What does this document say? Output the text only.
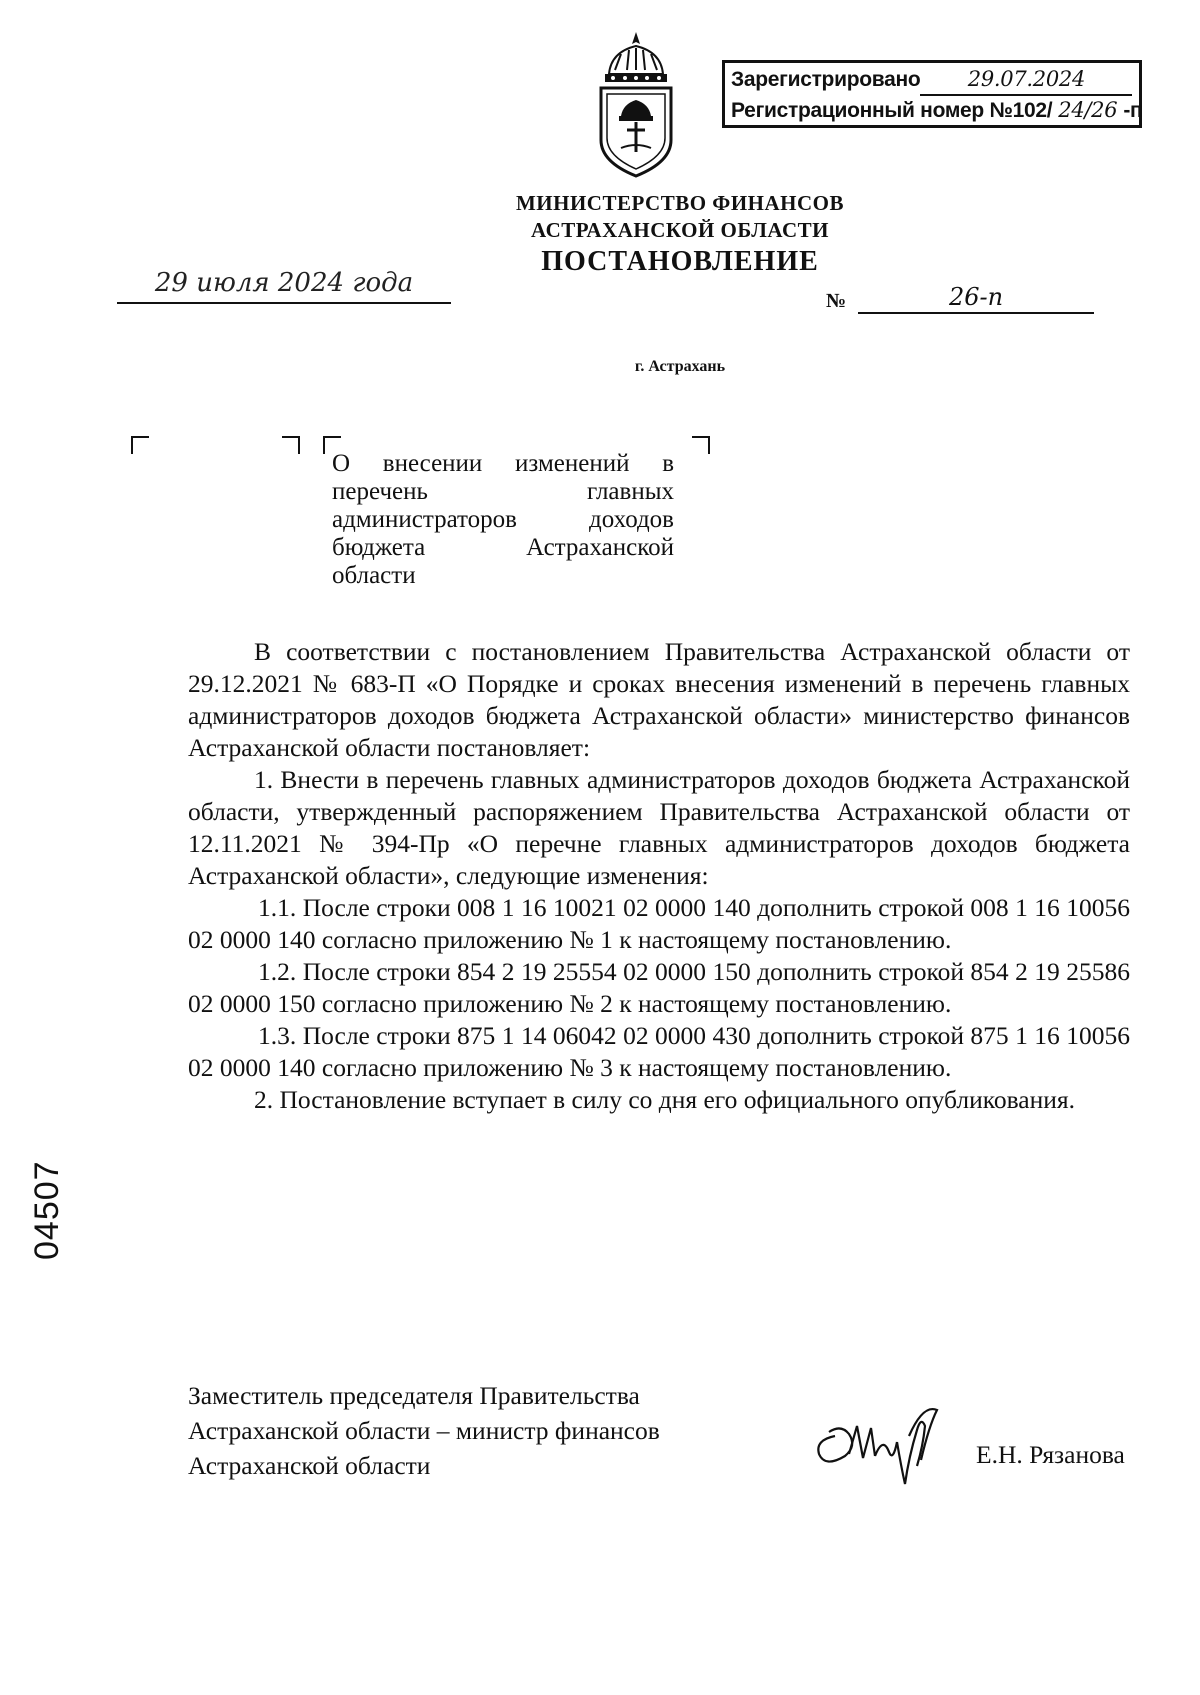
Зарегистрировано	29.07.2024
Регистрационный номер №102/ 24/26 -п
МИНИСТЕРСТВО ФИНАНСОВ
АСТРАХАНСКОЙ ОБЛАСТИ
ПОСТАНОВЛЕНИЕ
29 июля 2024 года
№	26-п
г. Астрахань
О внесении изменений в
перечень главных
администраторов доходов
бюджета Астраханской
области

В соответствии с постановлением Правительства Астраханской области от 29.12.2021 № 683-П «О Порядке и сроках внесения изменений в перечень главных администраторов доходов бюджета Астраханской области» министерство финансов Астраханской области постановляет:

1. Внести в перечень главных администраторов доходов бюджета Астраханской области, утвержденный распоряжением Правительства Астраханской области от 12.11.2021 № 394-Пр «О перечне главных администраторов доходов бюджета Астраханской области», следующие изменения:

1.1. После строки 008 1 16 10021 02 0000 140 дополнить строкой 008 1 16 10056 02 0000 140 согласно приложению № 1 к настоящему постановлению.

1.2. После строки 854 2 19 25554 02 0000 150 дополнить строкой 854 2 19 25586 02 0000 150 согласно приложению № 2 к настоящему постановлению.

1.3. После строки 875 1 14 06042 02 0000 430 дополнить строкой 875 1 16 10056 02 0000 140 согласно приложению № 3 к настоящему постановлению.

2. Постановление вступает в силу со дня его официального опубликования.

04507
Заместитель председателя Правительства
Астраханской области – министр финансов
Астраханской области	Е.Н. Рязанова
